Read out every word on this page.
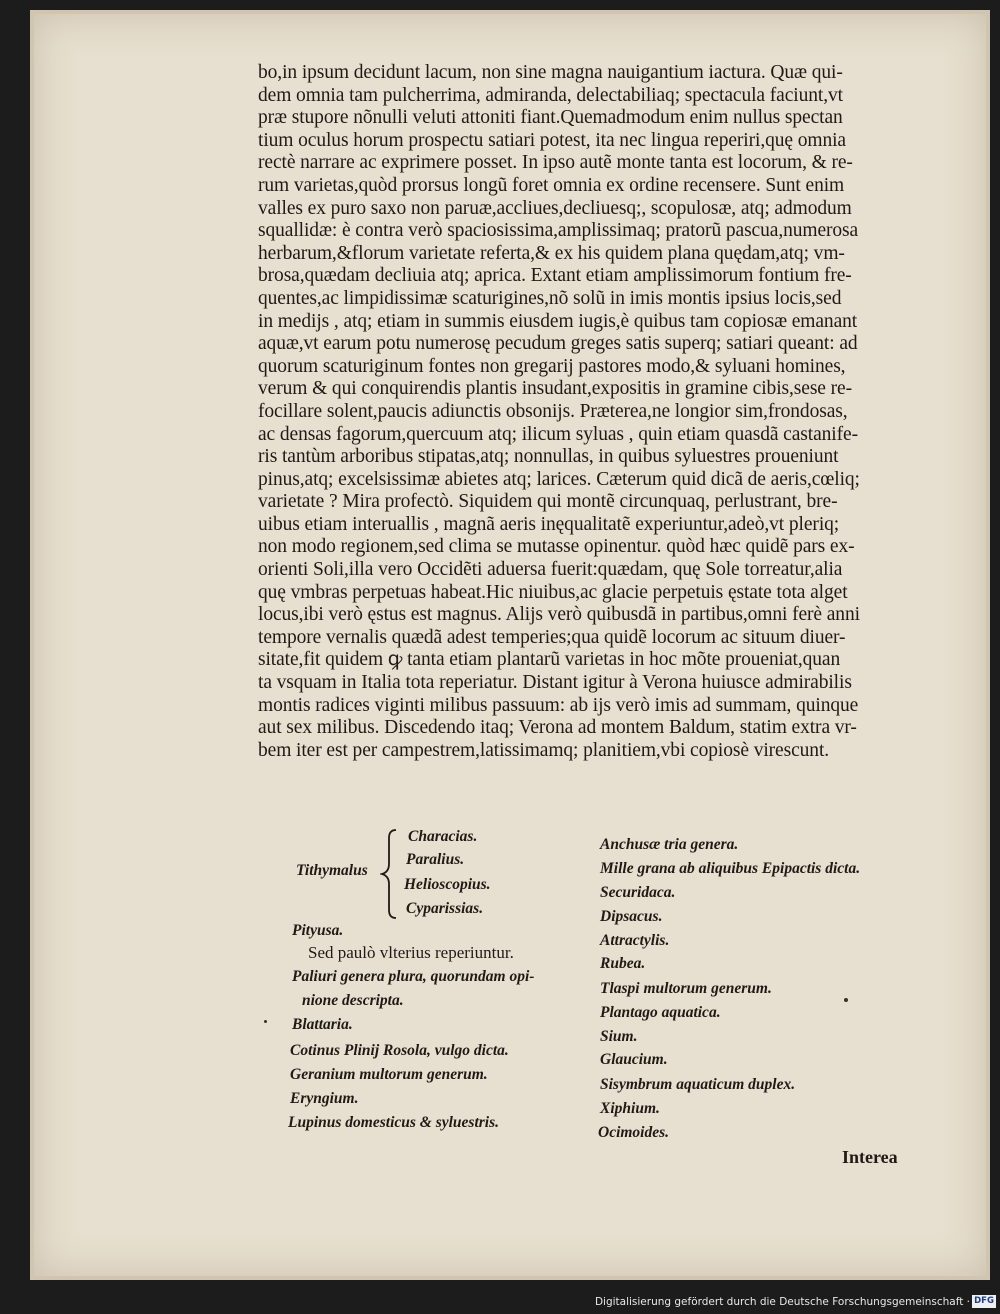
bo,in ipsum decidunt lacum, non sine magna nauigantium iactura. Quæ qui-
dem omnia tam pulcherrima, admiranda, delectabiliaq; spectacula faciunt,vt
præ stupore nõnulli veluti attoniti fiant.Quemadmodum enim nullus spectan
tium oculus horum prospectu satiari potest, ita nec lingua reperiri,quę omnia
rectè narrare ac exprimere posset. In ipso autẽ monte tanta est locorum, & re-
rum varietas,quòd prorsus longũ foret omnia ex ordine recensere. Sunt enim
valles ex puro saxo non paruæ,accliues,decliuesq;, scopulosæ, atq; admodum
squallidæ: è contra verò spaciosissima,amplissimaq; pratorũ pascua,numerosa
herbarum,&florum varietate referta,& ex his quidem plana quędam,atq; vm-
brosa,quædam decliuia atq; aprica. Extant etiam amplissimorum fontium fre-
quentes,ac limpidissimæ scaturigines,nõ solũ in imis montis ipsius locis,sed
in medijs , atq; etiam in summis eiusdem iugis,è quibus tam copiosæ emanant
aquæ,vt earum potu numerosę pecudum greges satis superq; satiari queant: ad
quorum scaturiginum fontes non gregarij pastores modo,& syluani homines,
verum & qui conquirendis plantis insudant,expositis in gramine cibis,sese re-
focillare solent,paucis adiunctis obsonijs. Præterea,ne longior sim,frondosas,
ac densas fagorum,quercuum atq; ilicum syluas , quin etiam quasdã castanife-
ris tantùm arboribus stipatas,atq; nonnullas, in quibus syluestres proueniunt
pinus,atq; excelsissimæ abietes atq; larices. Cæterum quid dicã de aeris,cœliq;
varietate ? Mira profectò. Siquidem qui montẽ circunquaq, perlustrant, bre-
uibus etiam interuallis , magnã aeris inęqualitatẽ experiuntur,adeò,vt pleriq;
non modo regionem,sed clima se mutasse opinentur. quòd hæc quidẽ pars ex-
orienti Soli,illa vero Occidẽti aduersa fuerit:quædam, quę Sole torreatur,alia
quę vmbras perpetuas habeat.Hic niuibus,ac glacie perpetuis ęstate tota alget
locus,ibi verò ęstus est magnus. Alijs verò quibusdã in partibus,omni ferè anni
tempore vernalis quædã adest temperies;qua quidẽ locorum ac situum diuer-
sitate,fit quidem ꝙ tanta etiam plantarũ varietas in hoc mõte proueniat,quan
ta vsquam in Italia tota reperiatur. Distant igitur à Verona huiusce admirabilis
montis radices viginti milibus passuum: ab ijs verò imis ad summam, quinque
aut sex milibus. Discedendo itaq; Verona ad montem Baldum, statim extra vr-
bem iter est per campestrem,latissimamq; planitiem,vbi copiosè virescunt.
Tithymalus
Characias.
Paralius.
Helioscopius.
Cyparissias.
Pityusa.
Sed paulò vlterius reperiuntur.
Paliuri genera plura, quorundam opi-
nione descripta.
Blattaria.
Cotinus Plinij Rosola, vulgo dicta.
Geranium multorum generum.
Eryngium.
Lupinus domesticus & syluestris.
Anchusæ tria genera.
Mille grana ab aliquibus Epipactis dicta.
Securidaca.
Dipsacus.
Attractylis.
Rubea.
Tlaspi multorum generum.
Plantago aquatica.
Sium.
Glaucium.
Sisymbrum aquaticum duplex.
Xiphium.
Ocimoides.
Interea
Digitalisierung gefördert durch die Deutsche Forschungsgemeinschaft · DFG
